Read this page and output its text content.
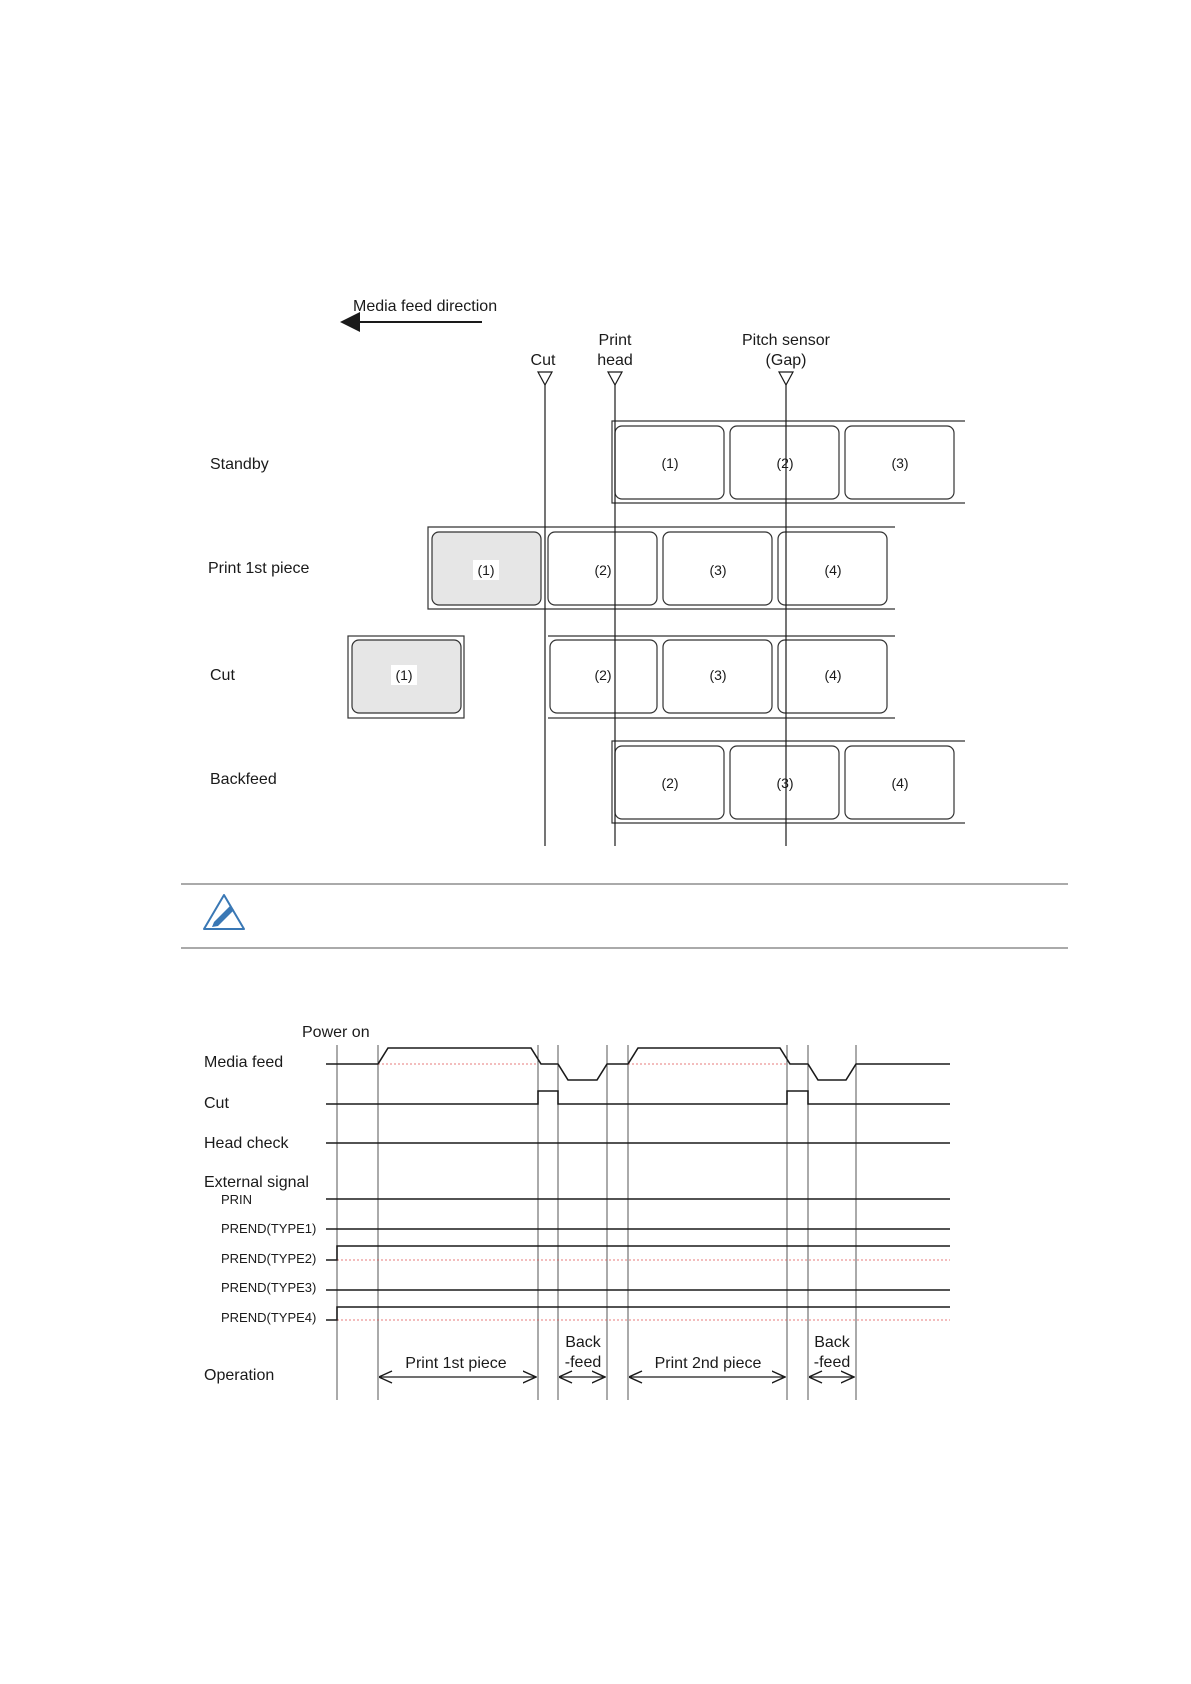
Media feed direction
Cut
Print
head
Pitch sensor
(Gap)
Standby
Print 1st piece
Cut
Backfeed
(1)	(2)	(3)
(1)	(2)	(3)	(4)
(1)	(2)	(3)	(4)
(2)	(3)	(4)
Power on
Media feed
Cut
Head check
External signal
PRIN
PREND(TYPE1)
PREND(TYPE2)
PREND(TYPE3)
PREND(TYPE4)
Operation
Print 1st piece
Back
-feed	Print 2nd piece
Back
-feed
